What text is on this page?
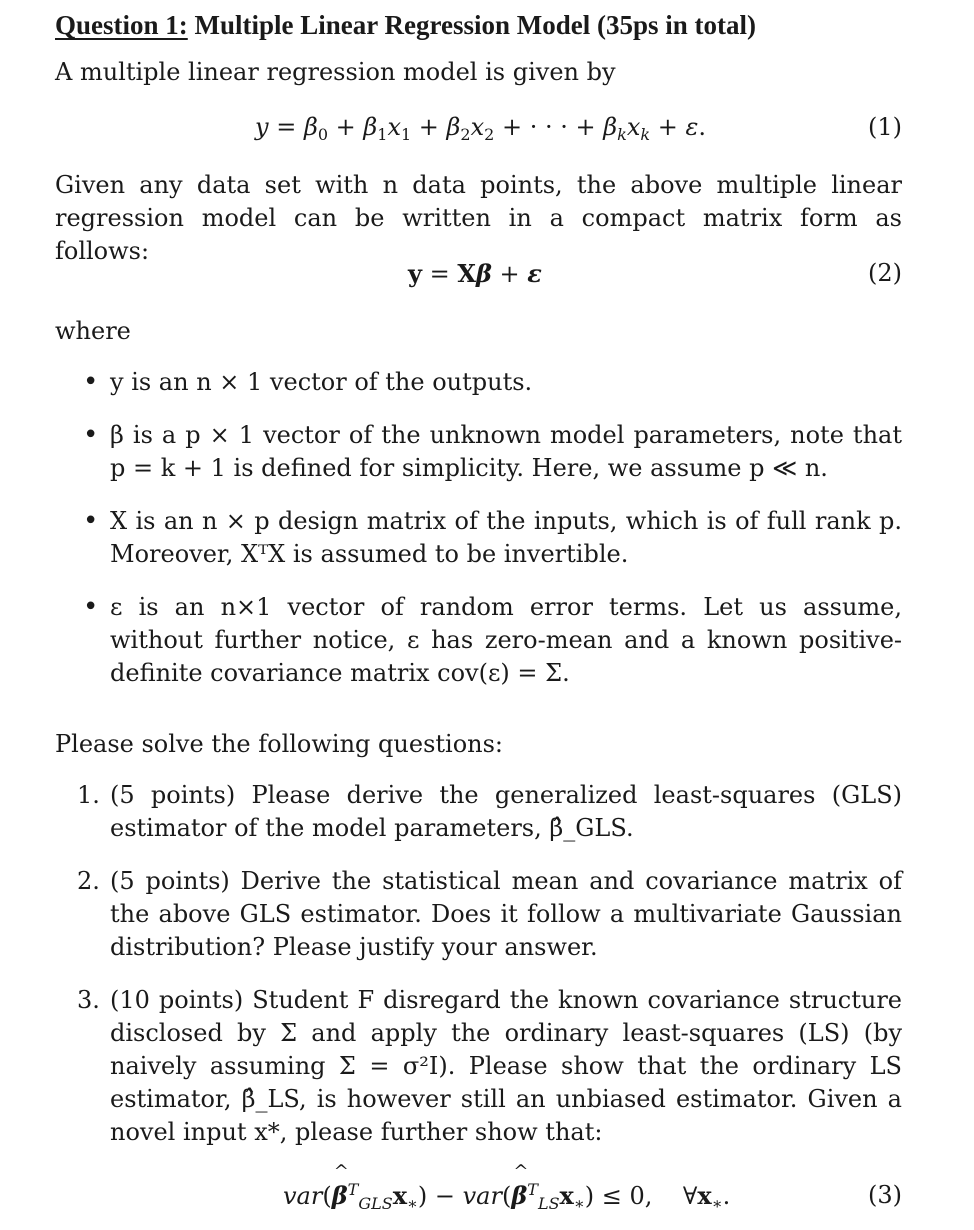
Question 1: Multiple Linear Regression Model (35ps in total)
A multiple linear regression model is given by
$y = \beta_0 + \beta_1x_1 + \beta_2x_2$ + · · · + $\beta_kx_k + \varepsilon$.	(1)
Given any data set with n data points, the above multiple linear regression model can be written in a compact matrix form as follows:
y = Xβ + ε	(2)
where
• y is an n × 1 vector of the outputs.
• β is a p × 1 vector of the unknown model parameters, note that p = k + 1 is defined for simplicity. Here, we assume p ≪ n.
• X is an n × p design matrix of the inputs, which is of full rank p. Moreover, XᵀX is assumed to be invertible.
• ε is an n×1 vector of random error terms. Let us assume, without further notice, ε has zero-mean and a known positive-definite covariance matrix cov(ε) = Σ.
Please solve the following questions:
1. (5 points) Please derive the generalized least-squares (GLS) estimator of the model parameters, β̂_GLS.
2. (5 points) Derive the statistical mean and covariance matrix of the above GLS estimator. Does it follow a multivariate Gaussian distribution? Please justify your answer.
3. (10 points) Student F disregard the known covariance structure disclosed by Σ and apply the ordinary least-squares (LS) (by naively assuming Σ = σ²I). Please show that the ordinary LS estimator, β̂_LS, is however still an unbiased estimator. Given a novel input x*, please further show that:
var(^ $\beta^T_{GLS}x_∗$) − var(^ $\beta^T_{LS}x_∗) \le 0$,    $\forall x_∗$.	(3)
